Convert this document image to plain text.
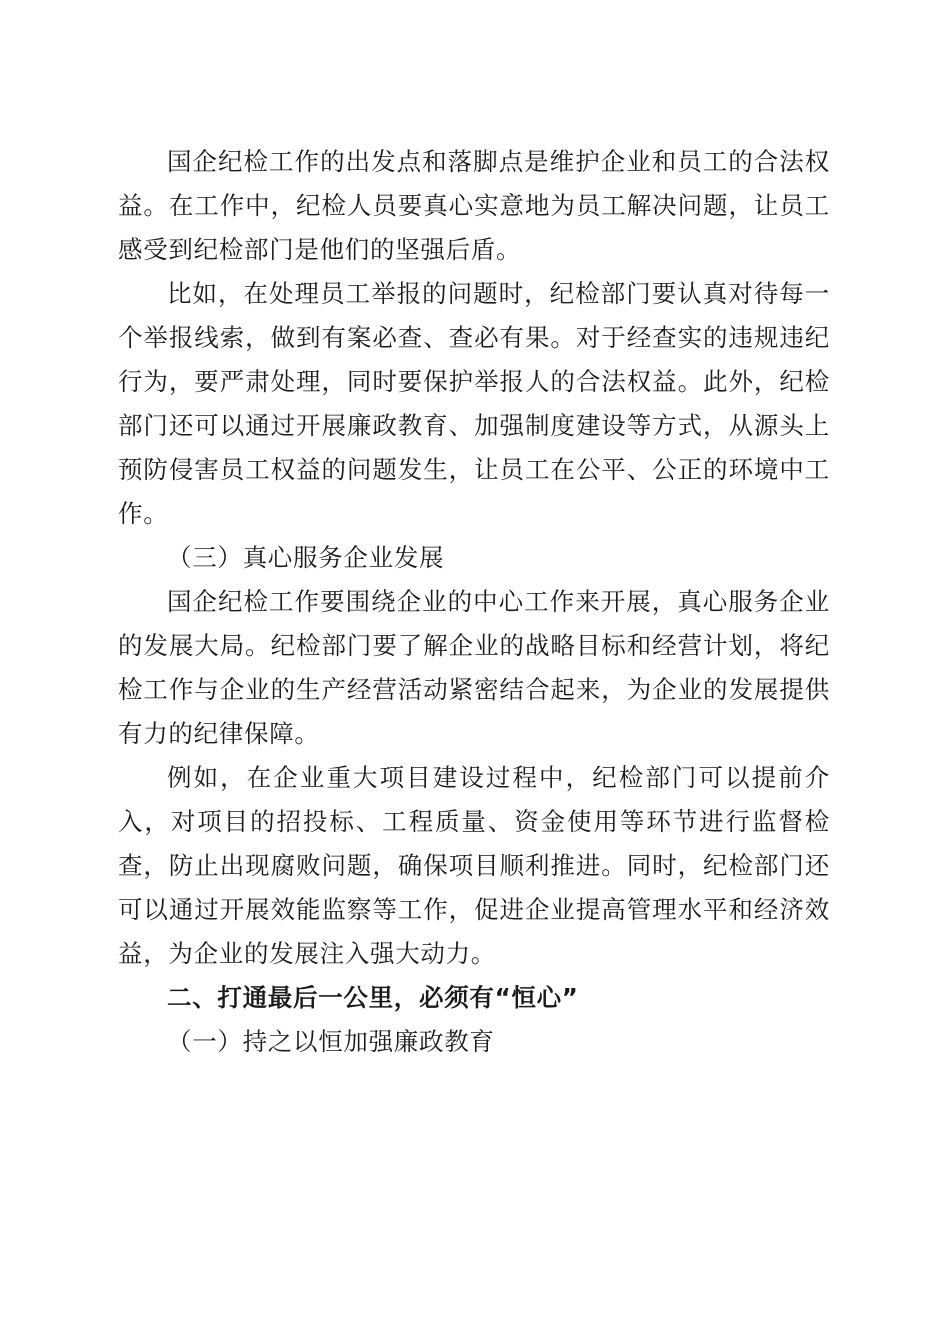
国企纪检工作的出发点和落脚点是维护企业和员工的合法权益。在工作中，纪检人员要真心实意地为员工解决问题，让员工感受到纪检部门是他们的坚强后盾。

比如，在处理员工举报的问题时，纪检部门要认真对待每一个举报线索，做到有案必查、查必有果。对于经查实的违规违纪行为，要严肃处理，同时要保护举报人的合法权益。此外，纪检部门还可以通过开展廉政教育、加强制度建设等方式，从源头上预防侵害员工权益的问题发生，让员工在公平、公正的环境中工作。

（三）真心服务企业发展

国企纪检工作要围绕企业的中心工作来开展，真心服务企业的发展大局。纪检部门要了解企业的战略目标和经营计划，将纪检工作与企业的生产经营活动紧密结合起来，为企业的发展提供有力的纪律保障。

例如，在企业重大项目建设过程中，纪检部门可以提前介入，对项目的招投标、工程质量、资金使用等环节进行监督检查，防止出现腐败问题，确保项目顺利推进。同时，纪检部门还可以通过开展效能监察等工作，促进企业提高管理水平和经济效益，为企业的发展注入强大动力。

二、打通最后一公里，必须有“恒心”

（一）持之以恒加强廉政教育
